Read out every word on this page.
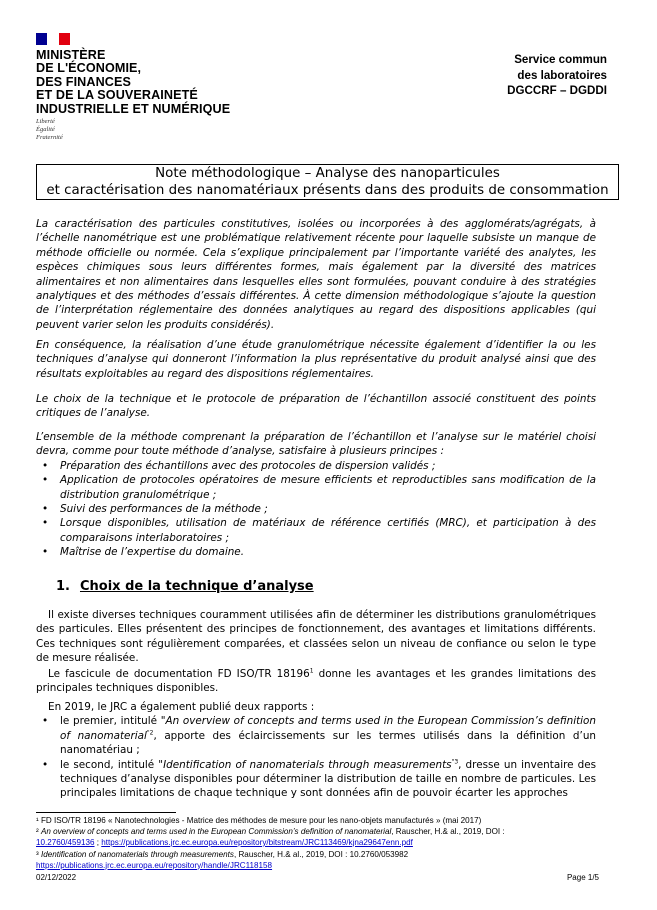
MINISTÈRE
DE L'ÉCONOMIE,
DES FINANCES
ET DE LA SOUVERAINETÉ
INDUSTRIELLE ET NUMÉRIQUE
Liberté
Égalité
Fraternité
Service commun
des laboratoires
DGCCRF – DGDDI
Note méthodologique – Analyse des nanoparticules
et caractérisation des nanomatériaux présents dans des produits de consommation

La caractérisation des particules constitutives, isolées ou incorporées à des agglomérats/agrégats, à l’échelle nanométrique est une problématique relativement récente pour laquelle subsiste un manque de méthode officielle ou normée. Cela s’explique principalement par l’importante variété des analytes, les espèces chimiques sous leurs différentes formes, mais également par la diversité des matrices alimentaires et non alimentaires dans lesquelles elles sont formulées, pouvant conduire à des stratégies analytiques et des méthodes d’essais différentes. À cette dimension méthodologique s’ajoute la question de l’interprétation réglementaire des données analytiques au regard des dispositions applicables (qui peuvent varier selon les produits considérés).

En conséquence, la réalisation d’une étude granulométrique nécessite également d’identifier la ou les techniques d’analyse qui donneront l’information la plus représentative du produit analysé ainsi que des résultats exploitables au regard des dispositions réglementaires.

Le choix de la technique et le protocole de préparation de l’échantillon associé constituent des points critiques de l’analyse.

L’ensemble de la méthode comprenant la préparation de l’échantillon et l’analyse sur le matériel choisi devra, comme pour toute méthode d’analyse, satisfaire à plusieurs principes :

• Préparation des échantillons avec des protocoles de dispersion validés ;
• Application de protocoles opératoires de mesure efficients et reproductibles sans modification de la distribution granulométrique ;
• Suivi des performances de la méthode ;
• Lorsque disponibles, utilisation de matériaux de référence certifiés (MRC), et participation à des comparaisons interlaboratoires ;
• Maîtrise de l’expertise du domaine.
1. Choix de la technique d’analyse

Il existe diverses techniques couramment utilisées afin de déterminer les distributions granulométriques des particules. Elles présentent des principes de fonctionnement, des avantages et limitations différents. Ces techniques sont régulièrement comparées, et classées selon un niveau de confiance ou selon le type de mesure réalisée.

Le fascicule de documentation FD ISO/TR 18196$^1$ donne les avantages et les grandes limitations des principales techniques disponibles.

En 2019, le JRC a également publié deux rapports :

• le premier, intitulé "An overview of concepts and terms used in the European Commission’s definition of nanomaterial$^{"2}$, apporte des éclaircissements sur les termes utilisés dans la définition d’un nanomatériau ;
• le second, intitulé "Identification of nanomaterials through measurements$^{"3}$, dresse un inventaire des techniques d’analyse disponibles pour déterminer la distribution de taille en nombre de particules. Les principales limitations de chaque technique y sont données afin de pouvoir écarter les approches
¹ FD ISO/TR 18196 « Nanotechnologies - Matrice des méthodes de mesure pour les nano-objets manufacturés » (mai 2017)
² An overview of concepts and terms used in the European Commission’s definition of nanomaterial, Rauscher, H.& al., 2019, DOI :
10.2760/459136 ; https://publications.jrc.ec.europa.eu/repository/bitstream/JRC113469/kjna29647enn.pdf
³ Identification of nanomaterials through measurements, Rauscher, H.& al., 2019, DOI : 10.2760/053982
https://publications.jrc.ec.europa.eu/repository/handle/JRC118158
02/12/2022	Page 1/5
